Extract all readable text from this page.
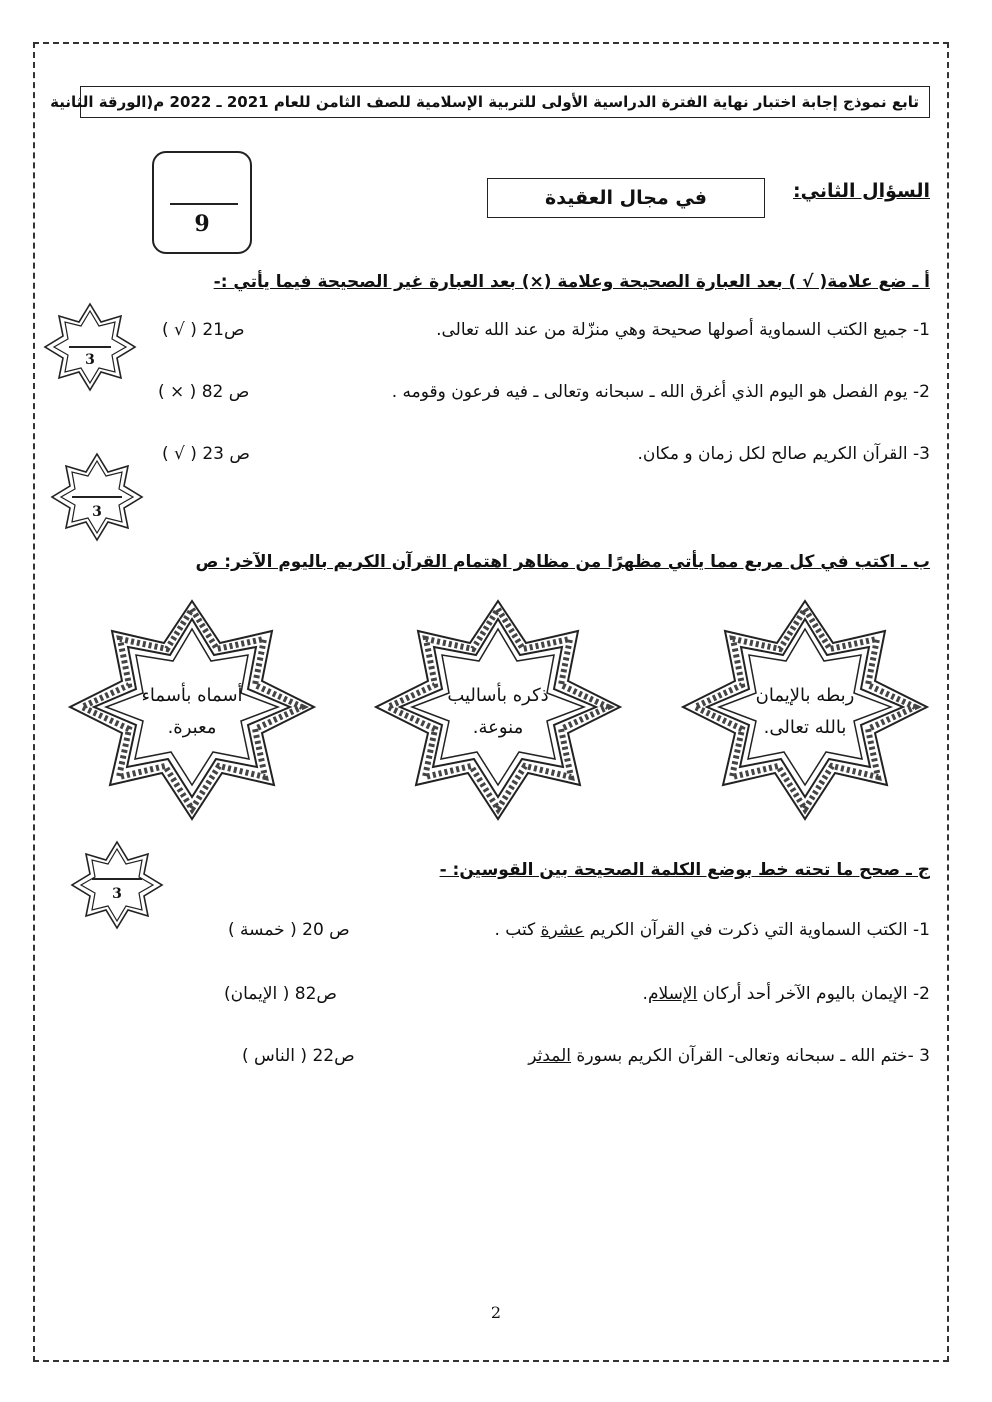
تابع نموذج إجابة اختبار نهاية الفترة الدراسية الأولى للتربية الإسلامية للصف الثامن للعام 2021 ـ 2022 م(الورقة الثانية
9
في مجال العقيدة	السؤال الثاني:
أ ـ ضع علامة( √ ) بعد العبارة الصحيحة وعلامة (×) بعد العبارة غير الصحيحة فيما يأتي :-
3
1- جميع الكتب السماوية أصولها صحيحة وهي منزّلة من عند الله تعالى.
( √ ) ص21
2- يوم الفصل هو اليوم الذي أغرق الله ـ سبحانه وتعالى ـ فيه فرعون وقومه .
( × ) ص 82
3
3- القرآن الكريم صالح لكل زمان و مكان.
( √ ) ص 23
ب ـ اكتب في كل مربع مما يأتي مظهرًا من مظاهر اهتمام القرآن الكريم باليوم الآخر: ص
ربطه بالإيمان
بالله تعالى.
ذكره بأساليب
منوعة.
أسماه بأسماء
معبرة.
3
ج ـ صحح ما تحته خط بوضع الكلمة الصحيحة بين القوسين: -
1- الكتب السماوية التي ذكرت في القرآن الكريم عشرة كتب .
( خمسة ) ص 20
2- الإيمان باليوم الآخر أحد أركان الإسلام.
(الإيمان ) ص82
3 -ختم الله ـ سبحانه وتعالى- القرآن الكريم بسورة المدثر
( الناس ) ص22
2
